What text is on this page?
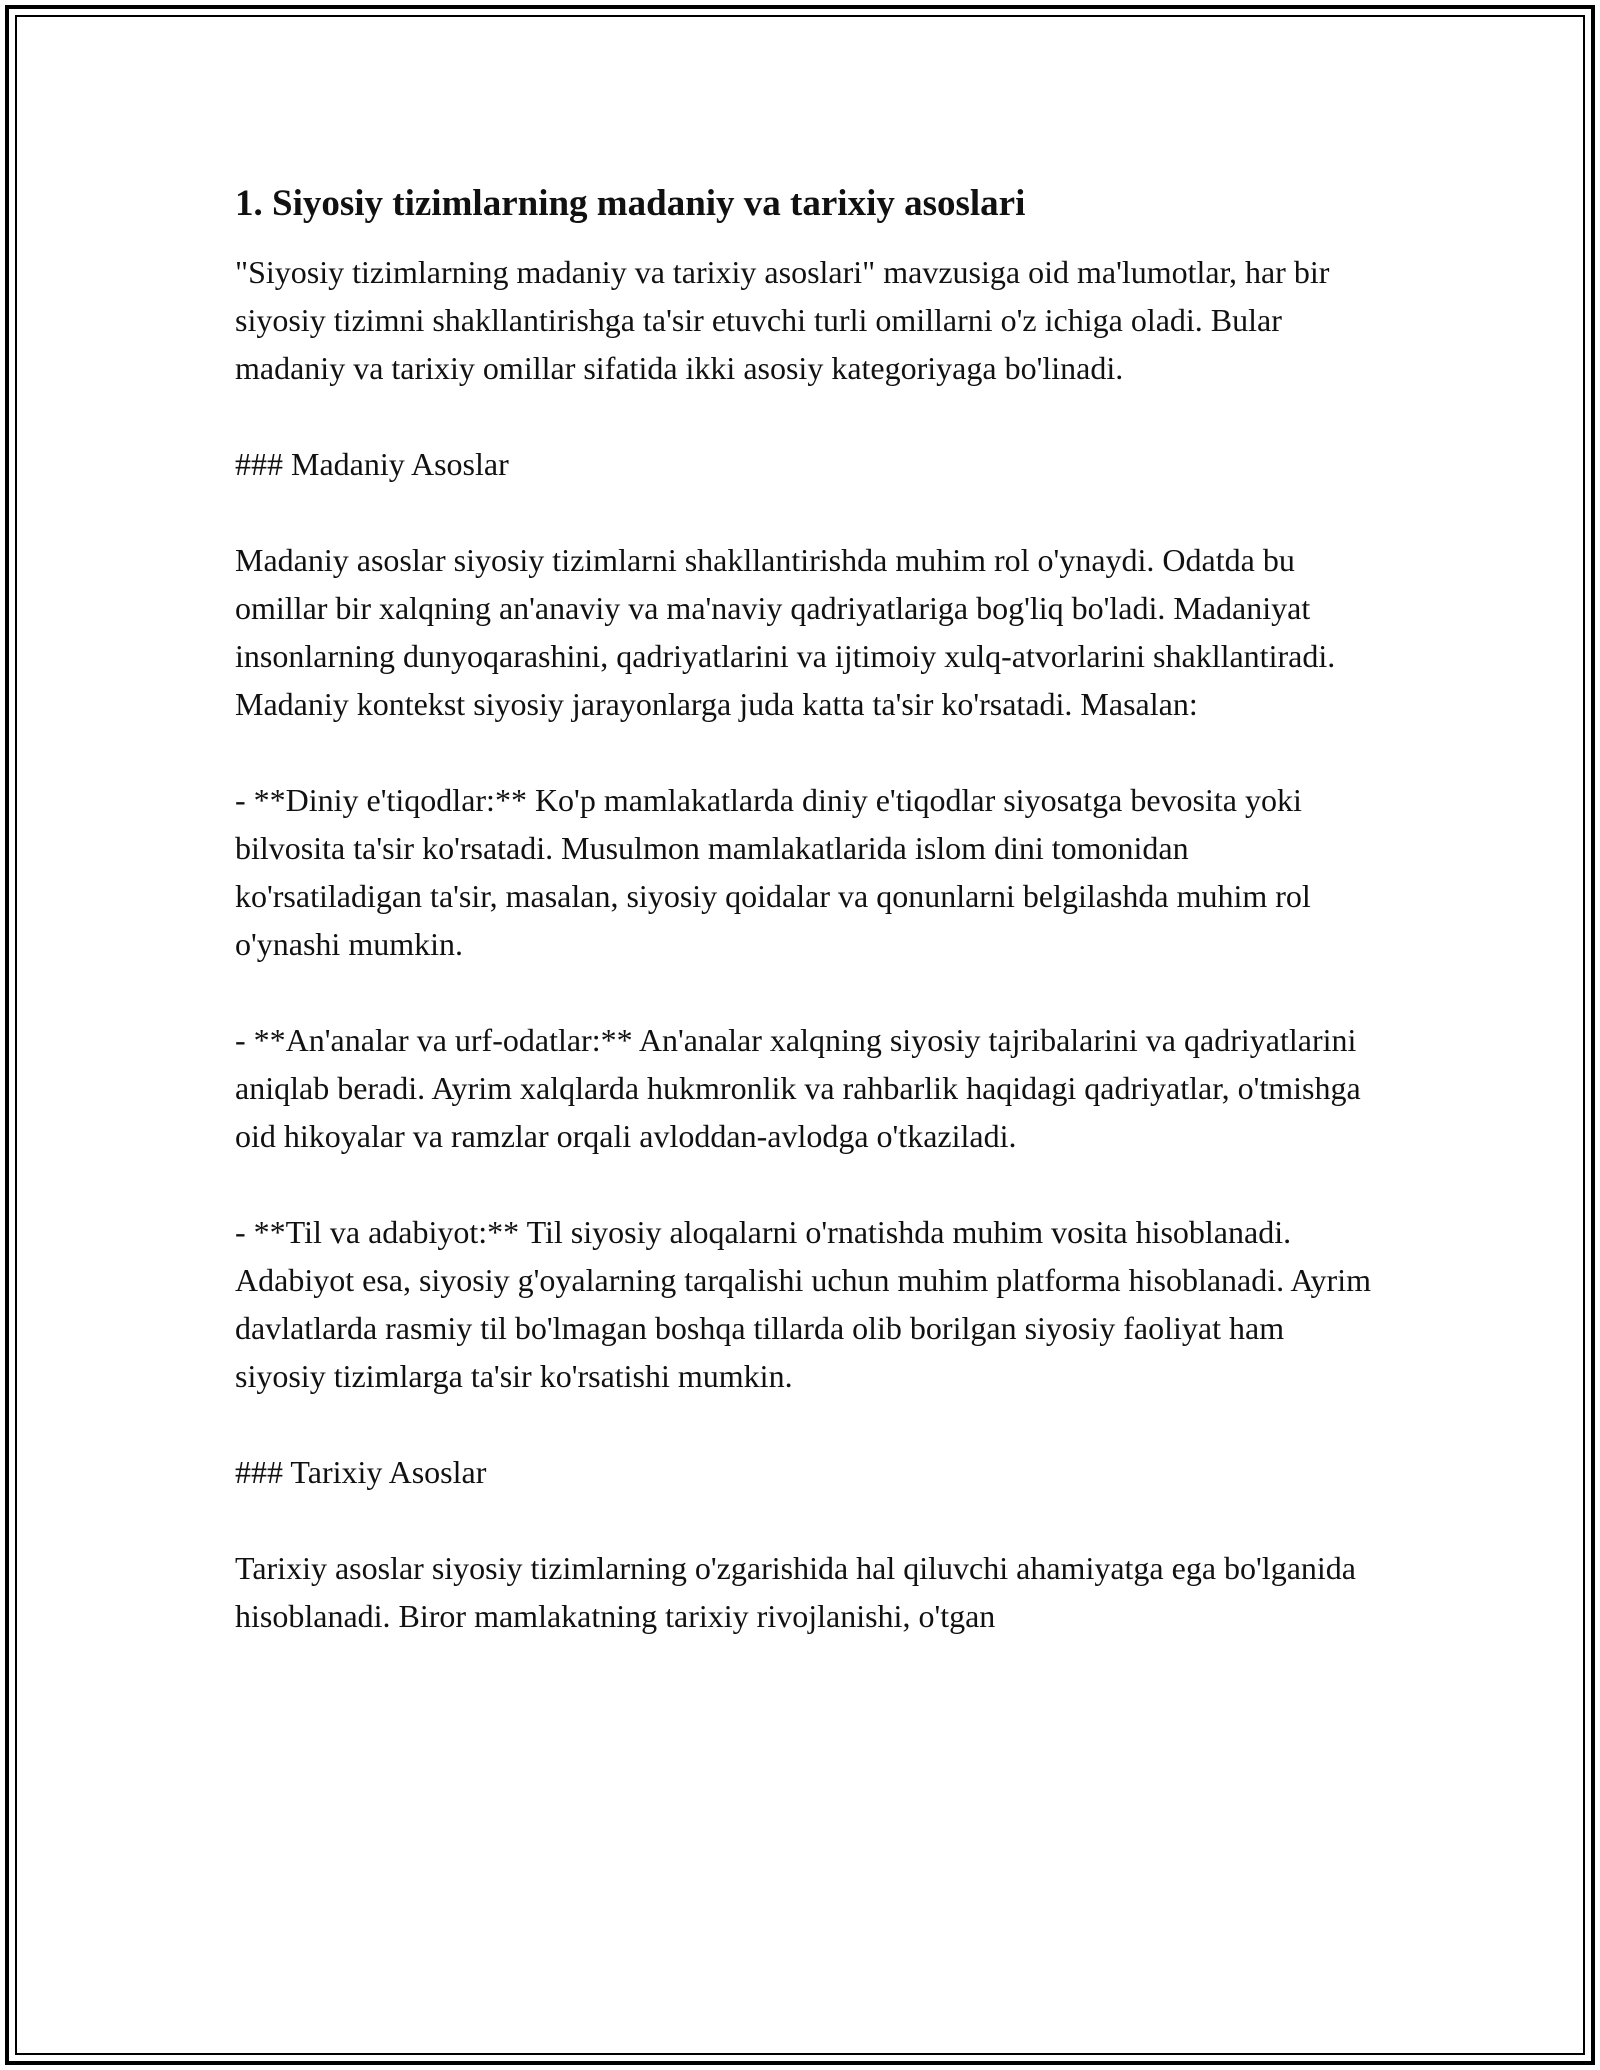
1. Siyosiy tizimlarning madaniy va tarixiy asoslari

"Siyosiy tizimlarning madaniy va tarixiy asoslari" mavzusiga oid ma'lumotlar, har bir siyosiy tizimni shakllantirishga ta'sir etuvchi turli omillarni o'z ichiga oladi. Bular madaniy va tarixiy omillar sifatida ikki asosiy kategoriyaga bo'linadi.

### Madaniy Asoslar

Madaniy asoslar siyosiy tizimlarni shakllantirishda muhim rol o'ynaydi. Odatda bu omillar bir xalqning an'anaviy va ma'naviy qadriyatlariga bog'liq bo'ladi. Madaniyat insonlarning dunyoqarashini, qadriyatlarini va ijtimoiy xulq-atvorlarini shakllantiradi. Madaniy kontekst siyosiy jarayonlarga juda katta ta'sir ko'rsatadi. Masalan:

- **Diniy e'tiqodlar:** Ko'p mamlakatlarda diniy e'tiqodlar siyosatga bevosita yoki bilvosita ta'sir ko'rsatadi. Musulmon mamlakatlarida islom dini tomonidan ko'rsatiladigan ta'sir, masalan, siyosiy qoidalar va qonunlarni belgilashda muhim rol o'ynashi mumkin.

- **An'analar va urf-odatlar:** An'analar xalqning siyosiy tajribalarini va qadriyatlarini aniqlab beradi. Ayrim xalqlarda hukmronlik va rahbarlik haqidagi qadriyatlar, o'tmishga oid hikoyalar va ramzlar orqali avloddan-avlodga o'tkaziladi.

- **Til va adabiyot:** Til siyosiy aloqalarni o'rnatishda muhim vosita hisoblanadi. Adabiyot esa, siyosiy g'oyalarning tarqalishi uchun muhim platforma hisoblanadi. Ayrim davlatlarda rasmiy til bo'lmagan boshqa tillarda olib borilgan siyosiy faoliyat ham siyosiy tizimlarga ta'sir ko'rsatishi mumkin.

### Tarixiy Asoslar

Tarixiy asoslar siyosiy tizimlarning o'zgarishida hal qiluvchi ahamiyatga ega bo'lganida hisoblanadi. Biror mamlakatning tarixiy rivojlanishi, o'tgan
